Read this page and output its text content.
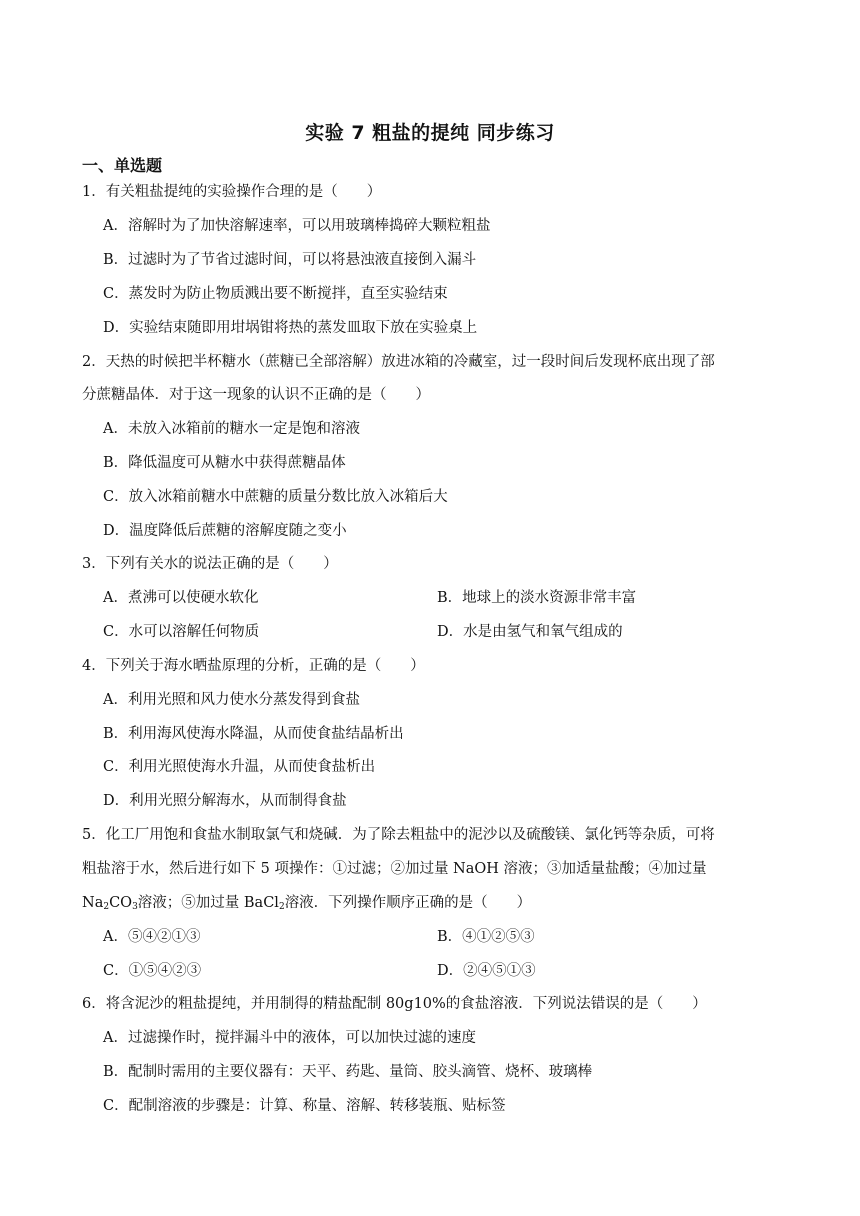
实验 7 粗盐的提纯 同步练习
一、单选题
1．有关粗盐提纯的实验操作合理的是（　　）
A．溶解时为了加快溶解速率，可以用玻璃棒捣碎大颗粒粗盐
B．过滤时为了节省过滤时间，可以将悬浊液直接倒入漏斗
C．蒸发时为防止物质溅出要不断搅拌，直至实验结束
D．实验结束随即用坩埚钳将热的蒸发皿取下放在实验桌上
2．天热的时候把半杯糖水（蔗糖已全部溶解）放进冰箱的冷藏室，过一段时间后发现杯底出现了部
分蔗糖晶体．对于这一现象的认识不正确的是（　　）
A．未放入冰箱前的糖水一定是饱和溶液
B．降低温度可从糖水中获得蔗糖晶体
C．放入冰箱前糖水中蔗糖的质量分数比放入冰箱后大
D．温度降低后蔗糖的溶解度随之变小
3．下列有关水的说法正确的是（　　）
A．煮沸可以使硬水软化	B．地球上的淡水资源非常丰富
C．水可以溶解任何物质	D．水是由氢气和氧气组成的
4．下列关于海水晒盐原理的分析，正确的是（　　）
A．利用光照和风力使水分蒸发得到食盐
B．利用海风使海水降温，从而使食盐结晶析出
C．利用光照使海水升温，从而使食盐析出
D．利用光照分解海水，从而制得食盐
5．化工厂用饱和食盐水制取氯气和烧碱．为了除去粗盐中的泥沙以及硫酸镁、氯化钙等杂质，可将
粗盐溶于水，然后进行如下 5 项操作：①过滤；②加过量 NaOH 溶液；③加适量盐酸；④加过量
$Na_2CO_3$溶液；⑤加过量 BaCl$_2$溶液．下列操作顺序正确的是（　　）
A．⑤④②①③	B．④①②⑤③
C．①⑤④②③	D．②④⑤①③
6．将含泥沙的粗盐提纯，并用制得的精盐配制 80g10%的食盐溶液．下列说法错误的是（　　）
A．过滤操作时，搅拌漏斗中的液体，可以加快过滤的速度
B．配制时需用的主要仪器有：天平、药匙、量筒、胶头滴管、烧杯、玻璃棒
C．配制溶液的步骤是：计算、称量、溶解、转移装瓶、贴标签
